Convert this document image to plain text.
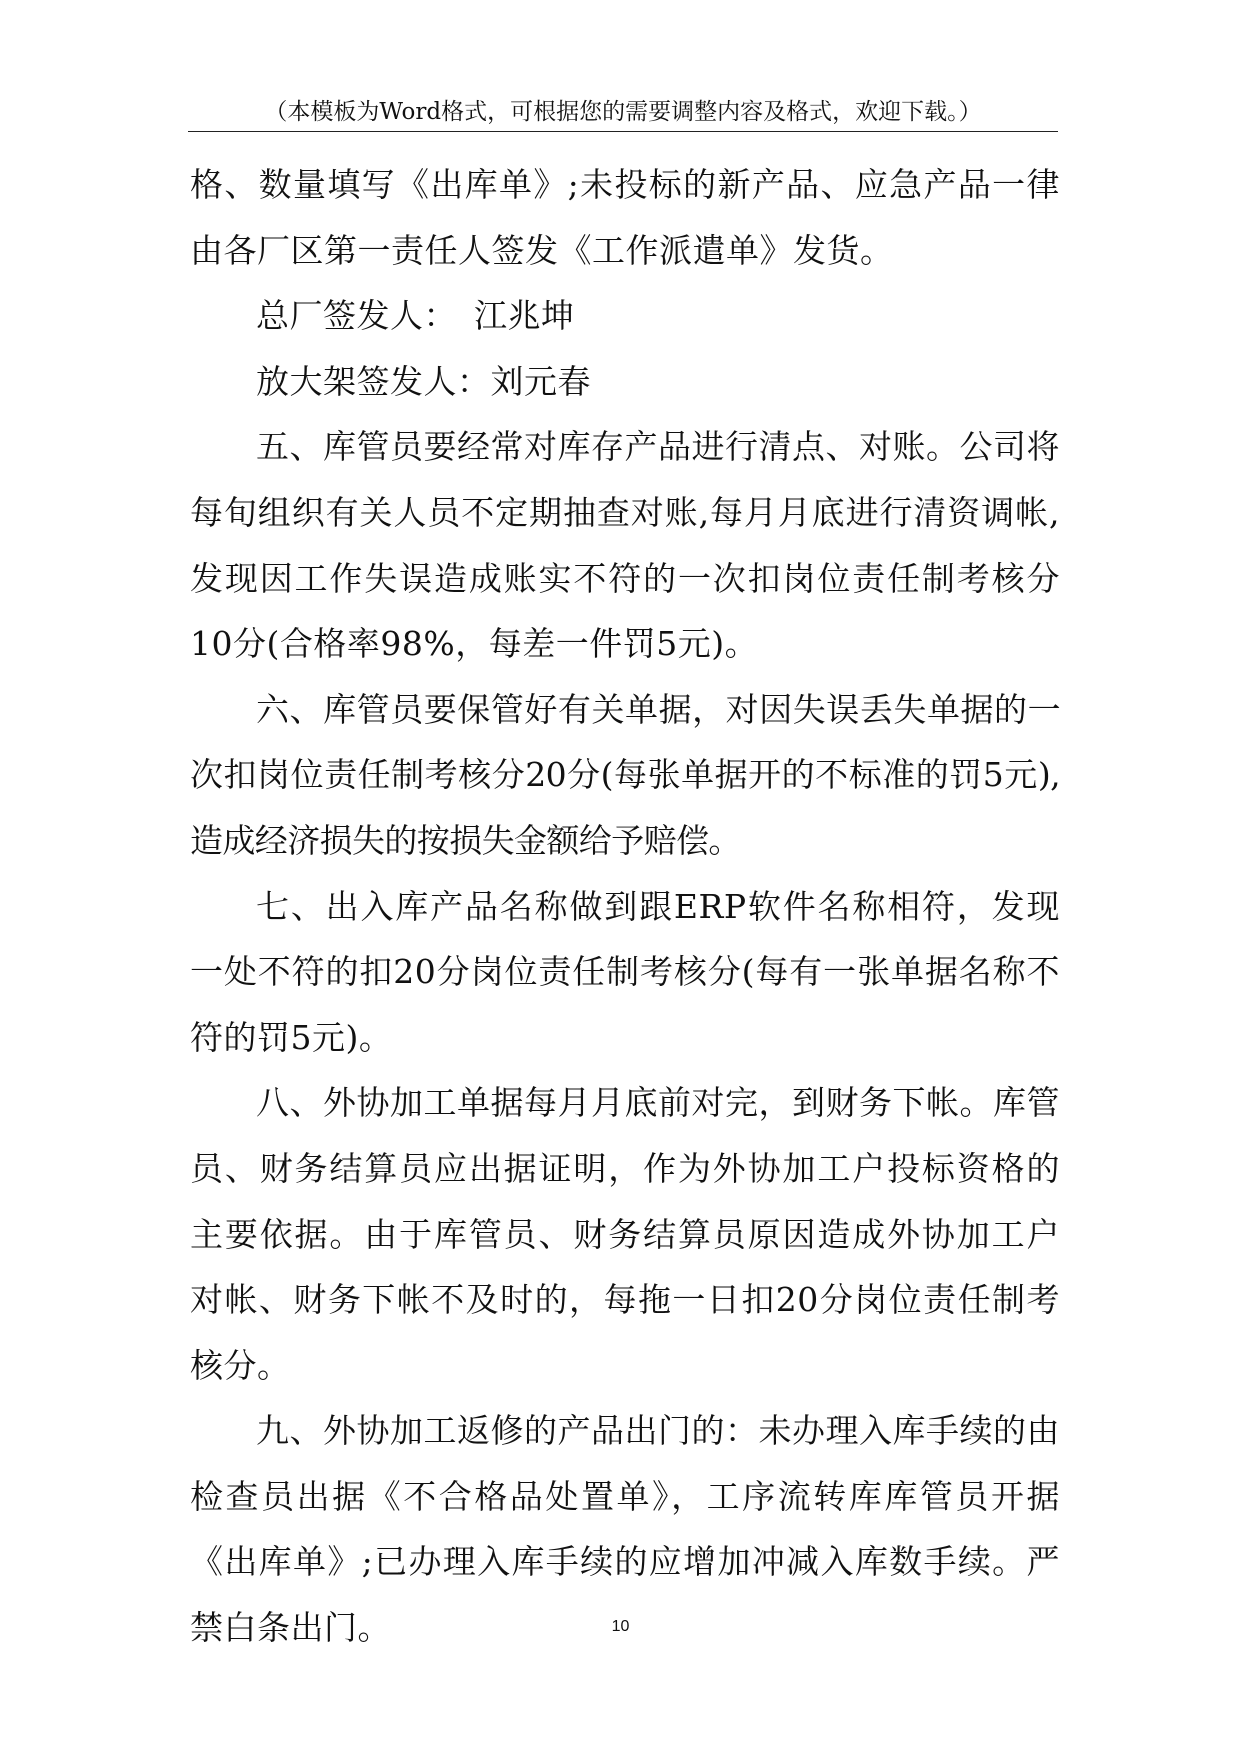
（本模板为Word格式，可根据您的需要调整内容及格式，欢迎下载。）

格、数量填写《出库单》;未投标的新产品、应急产品一律由各厂区第一责任人签发《工作派遣单》发货。

总厂签发人：　江兆坤

放大架签发人：刘元春

五、库管员要经常对库存产品进行清点、对账。公司将每旬组织有关人员不定期抽查对账,每月月底进行清资调帐,发现因工作失误造成账实不符的一次扣岗位责任制考核分10分(合格率98%，每差一件罚5元)。

六、库管员要保管好有关单据，对因失误丢失单据的一次扣岗位责任制考核分20分(每张单据开的不标准的罚5元),造成经济损失的按损失金额给予赔偿。

七、出入库产品名称做到跟ERP软件名称相符，发现一处不符的扣20分岗位责任制考核分(每有一张单据名称不符的罚5元)。

八、外协加工单据每月月底前对完，到财务下帐。库管员、财务结算员应出据证明，作为外协加工户投标资格的主要依据。由于库管员、财务结算员原因造成外协加工户对帐、财务下帐不及时的，每拖一日扣20分岗位责任制考核分。

九、外协加工返修的产品出门的：未办理入库手续的由检查员出据《不合格品处置单》，工序流转库库管员开据《出库单》;已办理入库手续的应增加冲减入库数手续。严禁白条出门。	10
